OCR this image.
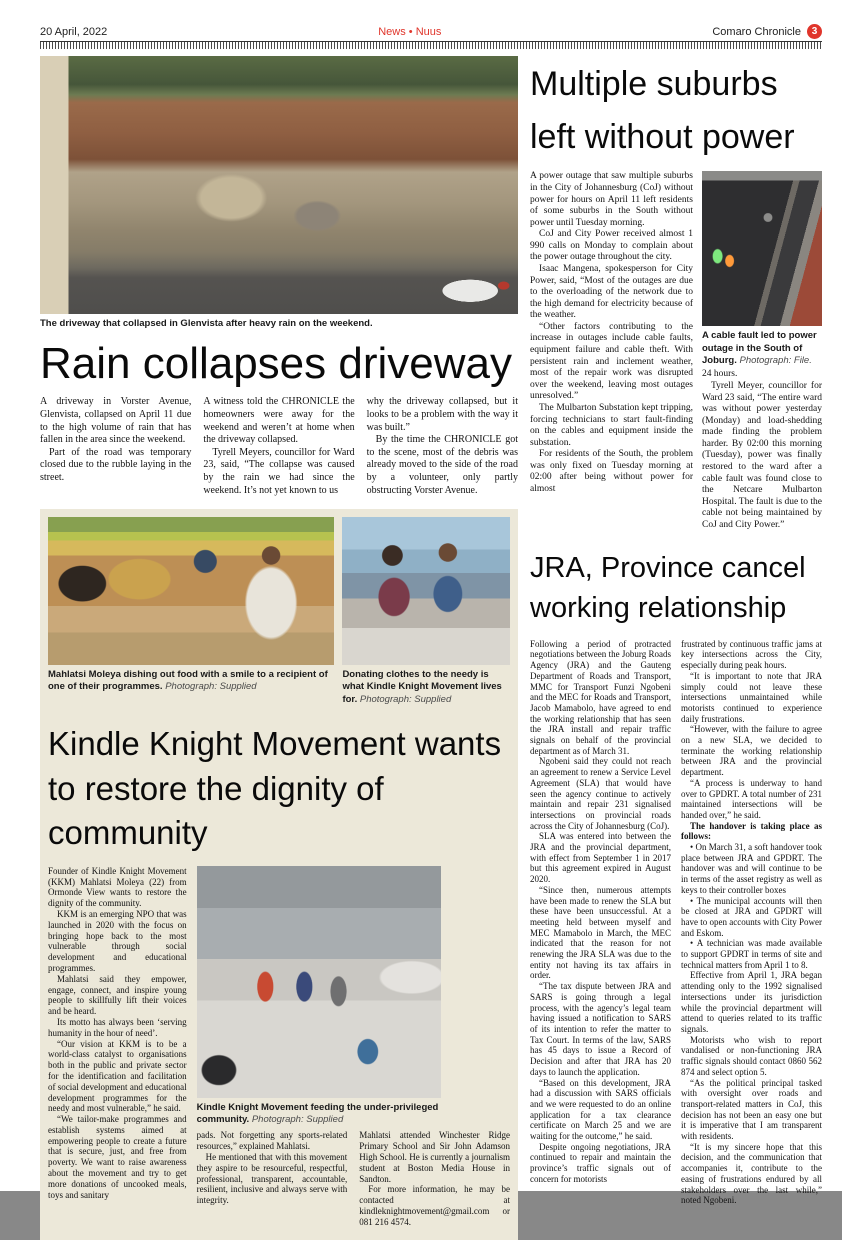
20 April, 2022	News • Nuus	Comaro Chronicle	3
The driveway that collapsed in Glenvista after heavy rain on the weekend.
Rain collapses driveway

A driveway in Vorster Avenue, Glenvista, collapsed on April 11 due to the high volume of rain that has fallen in the area since the weekend.

Part of the road was temporary closed due to the rubble laying in the street.

A witness told the CHRONICLE the homeowners were away for the weekend and weren’t at home when the driveway collapsed.

Tyrell Meyers, councillor for Ward 23, said, “The collapse was caused by the rain we had since the weekend. It’s not yet known to us

why the driveway collapsed, but it looks to be a problem with the way it was built.”

By the time the CHRONICLE got to the scene, most of the debris was already moved to the side of the road by a volunteer, only partly obstructing Vorster Avenue.

Mahlatsi Moleya dishing out food with a smile to a recipient of one of their programmes. Photograph: Supplied
Donating clothes to the needy is what Kindle Knight Movement lives for. Photograph: Supplied
Kindle Knight Movement wants to restore the dignity of community

Founder of Kindle Knight Movement (KKM) Mahlatsi Moleya (22) from Ormonde View wants to restore the dignity of the community.

KKM is an emerging NPO that was launched in 2020 with the focus on bringing hope back to the most vulnerable through social development and educational programmes.

Mahlatsi said they empower, engage, connect, and inspire young people to skillfully lift their voices and be heard.

Its motto has always been ‘serving humanity in the hour of need’.

“Our vision at KKM is to be a world-class catalyst to organisations both in the public and private sector for the identification and facilitation of social development and educational development programmes for the needy and most vulnerable,” he said.

“We tailor-make programmes and establish systems aimed at empowering people to create a future that is secure, just, and free from poverty. We want to raise awareness about the movement and try to get more donations of uncooked meals, toys and sanitary

Kindle Knight Movement feeding the under-privileged community. Photograph: Supplied

pads. Not forgetting any sports-related resources,” explained Mahlatsi.

He mentioned that with this movement they aspire to be resourceful, respectful, professional, transparent, accountable, resilient, inclusive and always serve with integrity.

Mahlatsi attended Winchester Ridge Primary School and Sir John Adamson High School. He is currently a journalism student at Boston Media House in Sandton.

For more information, he may be contacted at kindleknightmovement@gmail.com or 081 216 4574.

Multiple suburbs left without power

A power outage that saw multiple suburbs in the City of Johannesburg (CoJ) without power for hours on April 11 left residents of some suburbs in the South without power until Tuesday morning.

CoJ and City Power received almost 1 990 calls on Monday to complain about the power outage throughout the city.

Isaac Mangena, spokesperson for City Power, said, “Most of the outages are due to the overloading of the network due to the high demand for electricity because of the weather.

“Other factors contributing to the increase in outages include cable faults, equipment failure and cable theft. With persistent rain and inclement weather, most of the repair work was disrupted over the weekend, leaving most outages unresolved.”

The Mulbarton Substation kept tripping, forcing technicians to start fault-finding on the cables and equipment inside the substation.

For residents of the South, the problem was only fixed on Tuesday morning at 02:00 after being without power for almost

A cable fault led to power outage in the South of Joburg. Photograph: File.

24 hours.

Tyrell Meyer, councillor for Ward 23 said, “The entire ward was without power yesterday (Monday) and load-shedding made finding the problem harder. By 02:00 this morning (Tuesday), power was finally restored to the ward after a cable fault was found close to the Netcare Mulbarton Hospital. The fault is due to the cable not being maintained by CoJ and City Power.”

JRA, Province cancel working relationship

Following a period of protracted negotiations between the Joburg Roads Agency (JRA) and the Gauteng Department of Roads and Transport, MMC for Transport Funzi Ngobeni and the MEC for Roads and Transport, Jacob Mamabolo, have agreed to end the working relationship that has seen the JRA install and repair traffic signals on behalf of the provincial department as of March 31.

Ngobeni said they could not reach an agreement to renew a Service Level Agreement (SLA) that would have seen the agency continue to actively maintain and repair 231 signalised intersections on provincial roads across the City of Johannesburg (CoJ).

SLA was entered into between the JRA and the provincial department, with effect from September 1 in 2017 but this agreement expired in August 2020.

“Since then, numerous attempts have been made to renew the SLA but these have been unsuccessful. At a meeting held between myself and MEC Mamabolo in March, the MEC indicated that the reason for not renewing the JRA SLA was due to the entity not having its tax affairs in order.

“The tax dispute between JRA and SARS is going through a legal process, with the agency’s legal team having issued a notification to SARS of its intention to refer the matter to Tax Court. In terms of the law, SARS has 45 days to issue a Record of Decision and after that JRA has 20 days to launch the application.

“Based on this development, JRA had a discussion with SARS officials and we were requested to do an online application for a tax clearance certificate on March 25 and we are waiting for the outcome,” he said.

Despite ongoing negotiations, JRA continued to repair and maintain the province’s traffic signals out of concern for motorists

frustrated by continuous traffic jams at key intersections across the City, especially during peak hours.

“It is important to note that JRA simply could not leave these intersections unmaintained while motorists continued to experience daily frustrations.

“However, with the failure to agree on a new SLA, we decided to terminate the working relationship between JRA and the provincial department.

“A process is underway to hand over to GPDRT. A total number of 231 maintained intersections will be handed over,” he said.

The handover is taking place as follows:

• On March 31, a soft handover took place between JRA and GPDRT. The handover was and will continue to be in terms of the asset registry as well as keys to their controller boxes

• The municipal accounts will then be closed at JRA and GPDRT will have to open accounts with City Power and Eskom.

• A technician was made available to support GPDRT in terms of site and technical matters from April 1 to 8.

Effective from April 1, JRA began attending only to the 1992 signalised intersections under its jurisdiction while the provincial department will attend to queries related to its traffic signals.

Motorists who wish to report vandalised or non-functioning JRA traffic signals should contact 0860 562 874 and select option 5.

“As the political principal tasked with oversight over roads and transport-related matters in CoJ, this decision has not been an easy one but it is imperative that I am transparent with residents.

“It is my sincere hope that this decision, and the communication that accompanies it, contribute to the easing of frustrations endured by all stakeholders over the last while,” noted Ngobeni.
